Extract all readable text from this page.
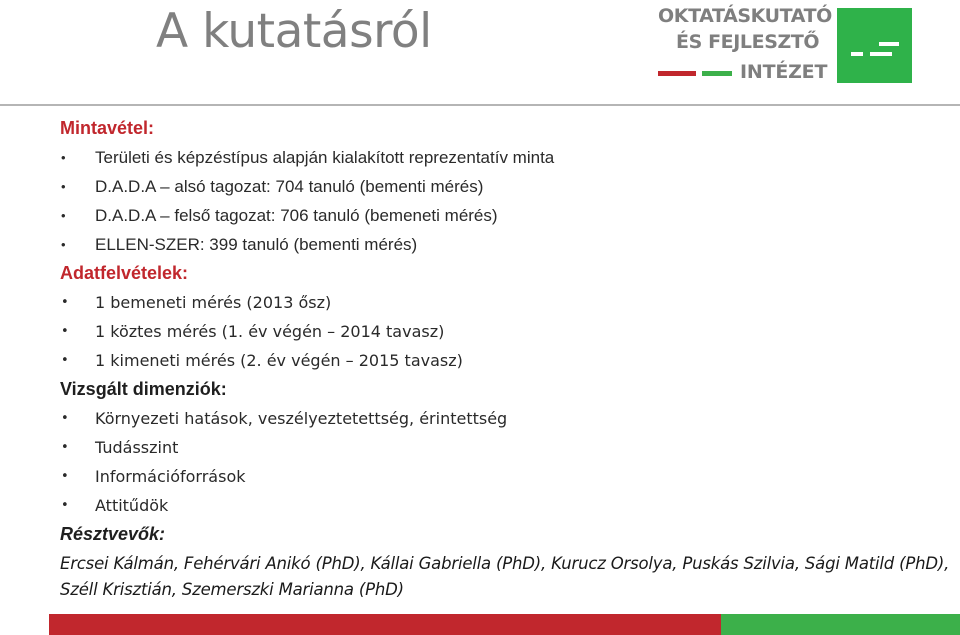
A kutatásról	OKTATÁSKUTATÓ
ÉS FEJLESZTŐ
INTÉZET
Mintavétel:
• Területi és képzéstípus alapján kialakított reprezentatív minta
• D.A.D.A – alsó tagozat: 704 tanuló (bementi mérés)
• D.A.D.A – felső tagozat: 706 tanuló (bemeneti mérés)
• ELLEN-SZER: 399 tanuló (bementi mérés)
Adatfelvételek:
• 1 bemeneti mérés (2013 ősz)
• 1 köztes mérés (1. év végén – 2014 tavasz)
• 1 kimeneti mérés (2. év végén – 2015 tavasz)
Vizsgált dimenziók:
• Környezeti hatások, veszélyeztetettség, érintettség
• Tudásszint
• Információforrások
• Attitűdök
Résztvevők:

Ercsei Kálmán, Fehérvári Anikó (PhD), Kállai Gabriella (PhD), Kurucz Orsolya, Puskás Szilvia, Sági Matild (PhD), Széll Krisztián, Szemerszki Marianna (PhD)
